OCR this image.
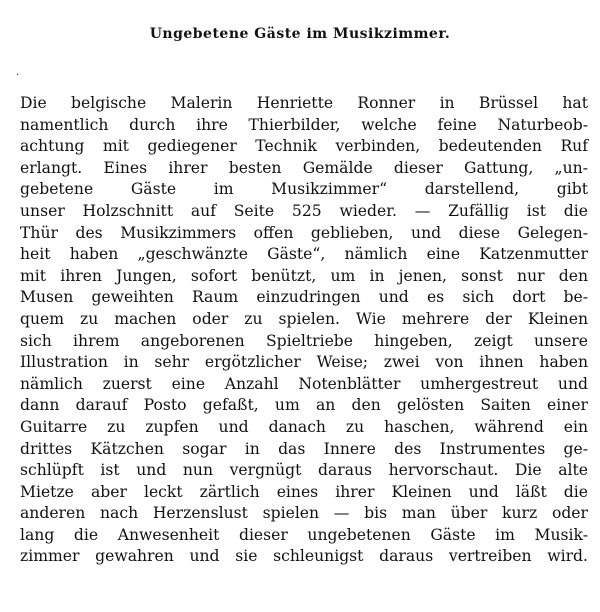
Ungebetene Gäste im Musikzimmer.
.
Die belgische Malerin Henriette Ronner in Brüssel hat
namentlich durch ihre Thierbilder, welche feine Naturbeob-
achtung mit gediegener Technik verbinden, bedeutenden Ruf
erlangt. Eines ihrer besten Gemälde dieser Gattung, „un-
gebetene Gäste im Musikzimmer“ darstellend, gibt
unser Holzschnitt auf Seite 525 wieder. — Zufällig ist die
Thür des Musikzimmers offen geblieben, und diese Gelegen-
heit haben „geschwänzte Gäste“, nämlich eine Katzenmutter
mit ihren Jungen, sofort benützt, um in jenen, sonst nur den
Musen geweihten Raum einzudringen und es sich dort be-
quem zu machen oder zu spielen. Wie mehrere der Kleinen
sich ihrem angeborenen Spieltriebe hingeben, zeigt unsere
Illustration in sehr ergötzlicher Weise; zwei von ihnen haben
nämlich zuerst eine Anzahl Notenblätter umhergestreut und
dann darauf Posto gefaßt, um an den gelösten Saiten einer
Guitarre zu zupfen und danach zu haschen, während ein
drittes Kätzchen sogar in das Innere des Instrumentes ge-
schlüpft ist und nun vergnügt daraus hervorschaut. Die alte
Mietze aber leckt zärtlich eines ihrer Kleinen und läßt die
anderen nach Herzenslust spielen — bis man über kurz oder
lang die Anwesenheit dieser ungebetenen Gäste im Musik-
zimmer gewahren und sie schleunigst daraus vertreiben wird.
